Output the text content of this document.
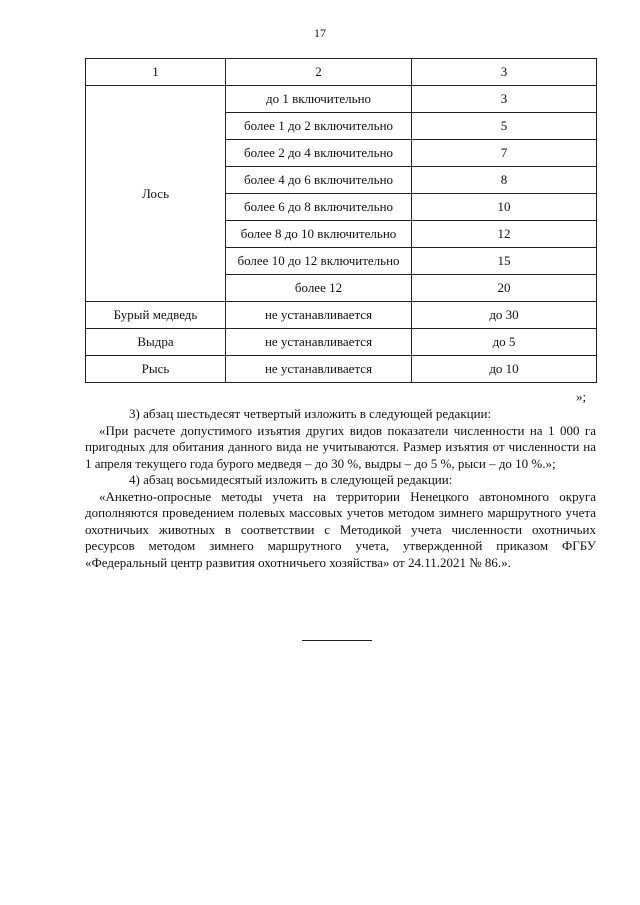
17
1	2	3
Лось	до 1 включительно	3
	более 1 до 2 включительно	5
	более 2 до 4 включительно	7
	более 4 до 6 включительно	8
	более 6 до 8 включительно	10
	более 8 до 10 включительно	12
	более 10 до 12 включительно	15
	более 12	20
Бурый медведь	не устанавливается	до 30
Выдра	не устанавливается	до 5
Рысь	не устанавливается	до 10
»;
3) абзац шестьдесят четвертый изложить в следующей редакции:
«При расчете допустимого изъятия других видов показатели численности на 1 000 га пригодных для обитания данного вида не учитываются. Размер изъятия от численности на 1 апреля текущего года бурого медведя – до 30 %, выдры – до 5 %, рыси – до 10 %.»;
4) абзац восьмидесятый изложить в следующей редакции:
«Анкетно-опросные методы учета на территории Ненецкого автономного округа дополняются проведением полевых массовых учетов методом зимнего маршрутного учета охотничьих животных в соответствии с Методикой учета численности охотничьих ресурсов методом зимнего маршрутного учета, утвержденной приказом ФГБУ «Федеральный центр развития охотничьего хозяйства» от 24.11.2021 № 86.».
